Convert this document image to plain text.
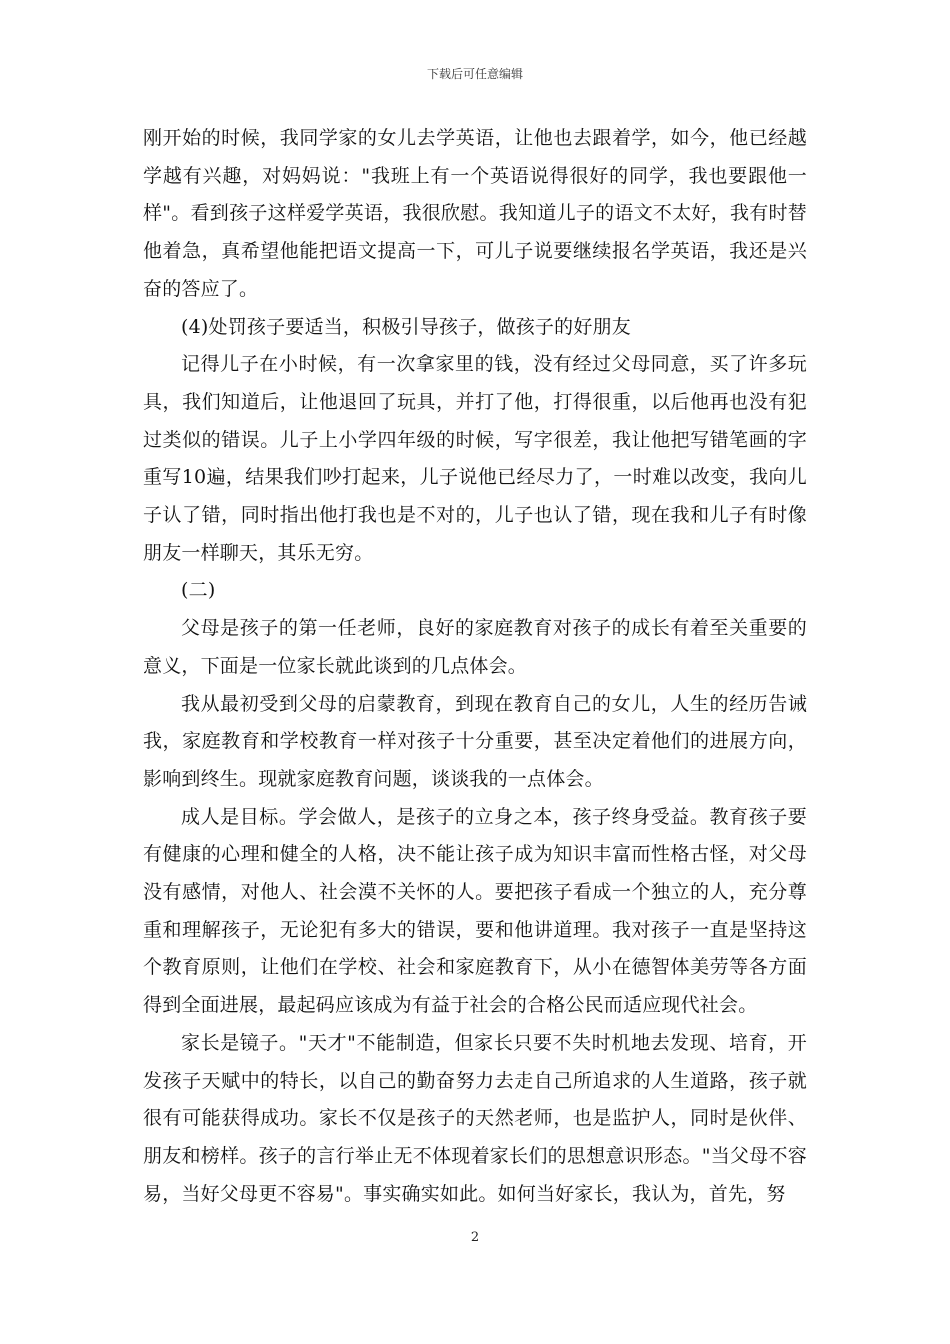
下载后可任意编辑

刚开始的时候，我同学家的女儿去学英语，让他也去跟着学，如今，他已经越学越有兴趣，对妈妈说："我班上有一个英语说得很好的同学，我也要跟他一样"。看到孩子这样爱学英语，我很欣慰。我知道儿子的语文不太好，我有时替他着急，真希望他能把语文提高一下，可儿子说要继续报名学英语，我还是兴奋的答应了。

(4)处罚孩子要适当，积极引导孩子，做孩子的好朋友

记得儿子在小时候，有一次拿家里的钱，没有经过父母同意，买了许多玩具，我们知道后，让他退回了玩具，并打了他，打得很重，以后他再也没有犯过类似的错误。儿子上小学四年级的时候，写字很差，我让他把写错笔画的字重写10遍，结果我们吵打起来，儿子说他已经尽力了，一时难以改变，我向儿子认了错，同时指出他打我也是不对的，儿子也认了错，现在我和儿子有时像朋友一样聊天，其乐无穷。

(二)

父母是孩子的第一任老师，良好的家庭教育对孩子的成长有着至关重要的意义，下面是一位家长就此谈到的几点体会。

我从最初受到父母的启蒙教育，到现在教育自己的女儿，人生的经历告诫我，家庭教育和学校教育一样对孩子十分重要，甚至决定着他们的进展方向，影响到终生。现就家庭教育问题，谈谈我的一点体会。

成人是目标。学会做人，是孩子的立身之本，孩子终身受益。教育孩子要有健康的心理和健全的人格，决不能让孩子成为知识丰富而性格古怪，对父母没有感情，对他人、社会漠不关怀的人。要把孩子看成一个独立的人，充分尊重和理解孩子，无论犯有多大的错误，要和他讲道理。我对孩子一直是坚持这个教育原则，让他们在学校、社会和家庭教育下，从小在德智体美劳等各方面得到全面进展，最起码应该成为有益于社会的合格公民而适应现代社会。

家长是镜子。"天才"不能制造，但家长只要不失时机地去发现、培育，开发孩子天赋中的特长，以自己的勤奋努力去走自己所追求的人生道路，孩子就很有可能获得成功。家长不仅是孩子的天然老师，也是监护人，同时是伙伴、朋友和榜样。孩子的言行举止无不体现着家长们的思想意识形态。"当父母不容易，当好父母更不容易"。事实确实如此。如何当好家长，我认为，首先，努

2
